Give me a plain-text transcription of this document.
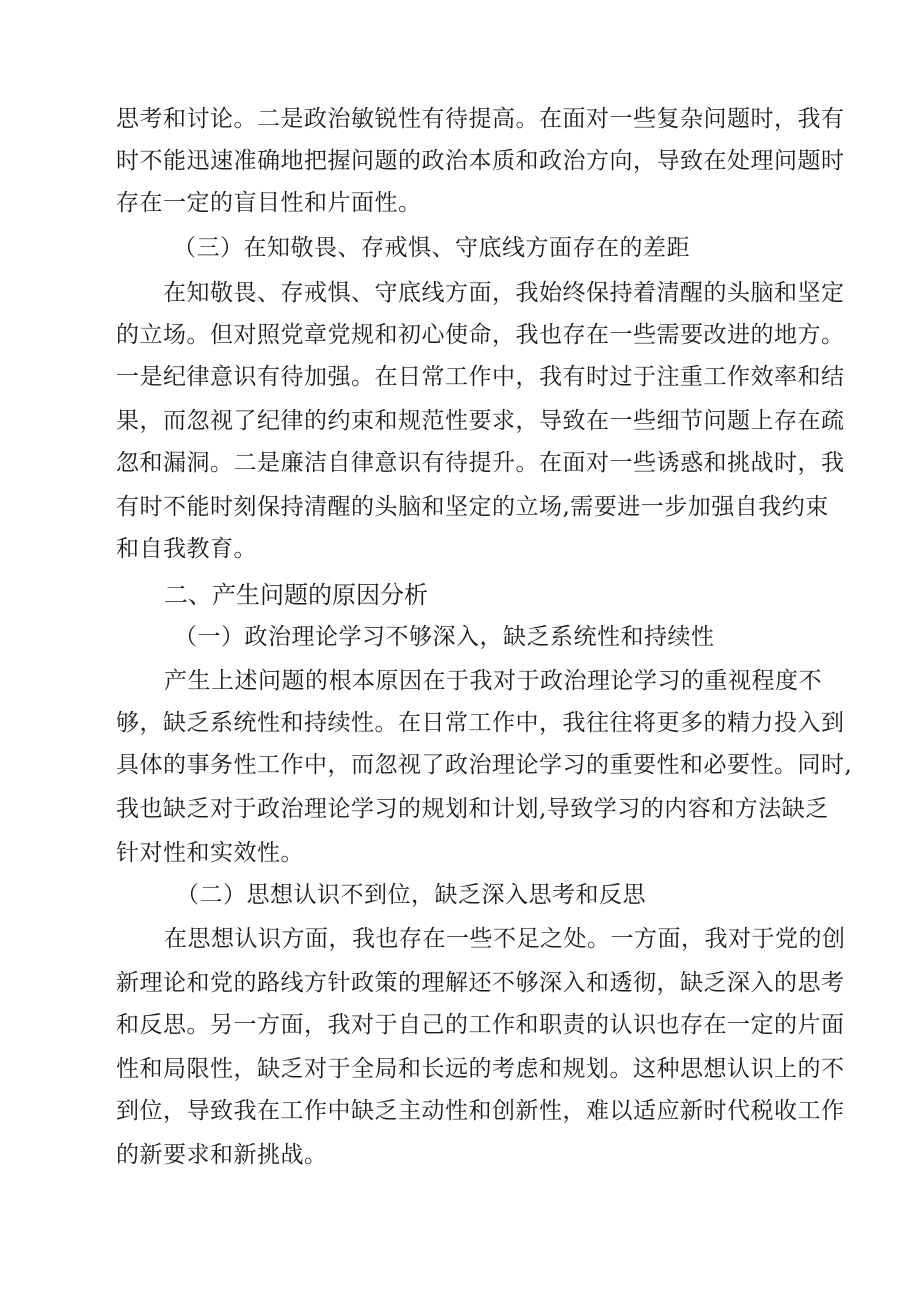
思考和讨论。二是政治敏锐性有待提高。在面对一些复杂问题时，我有
时不能迅速准确地把握问题的政治本质和政治方向，导致在处理问题时
存在一定的盲目性和片面性。
（三）在知敬畏、存戒惧、守底线方面存在的差距
在知敬畏、存戒惧、守底线方面，我始终保持着清醒的头脑和坚定
的立场。但对照党章党规和初心使命，我也存在一些需要改进的地方。
一是纪律意识有待加强。在日常工作中，我有时过于注重工作效率和结
果，而忽视了纪律的约束和规范性要求，导致在一些细节问题上存在疏
忽和漏洞。二是廉洁自律意识有待提升。在面对一些诱惑和挑战时，我
有时不能时刻保持清醒的头脑和坚定的立场,需要进一步加强自我约束
和自我教育。
二、产生问题的原因分析
（一）政治理论学习不够深入，缺乏系统性和持续性
产生上述问题的根本原因在于我对于政治理论学习的重视程度不
够，缺乏系统性和持续性。在日常工作中，我往往将更多的精力投入到
具体的事务性工作中，而忽视了政治理论学习的重要性和必要性。同时,
我也缺乏对于政治理论学习的规划和计划,导致学习的内容和方法缺乏
针对性和实效性。
（二）思想认识不到位，缺乏深入思考和反思
在思想认识方面，我也存在一些不足之处。一方面，我对于党的创
新理论和党的路线方针政策的理解还不够深入和透彻，缺乏深入的思考
和反思。另一方面，我对于自己的工作和职责的认识也存在一定的片面
性和局限性，缺乏对于全局和长远的考虑和规划。这种思想认识上的不
到位，导致我在工作中缺乏主动性和创新性，难以适应新时代税收工作
的新要求和新挑战。
